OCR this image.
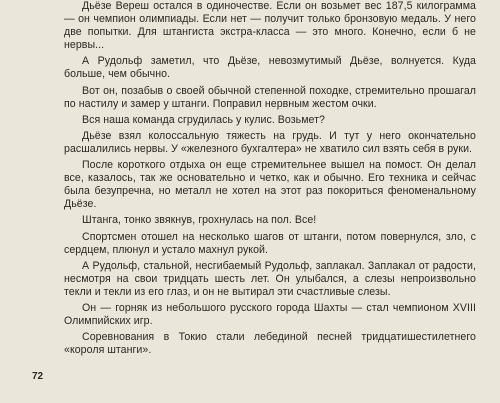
Дьёзе Вереш остался в одиночестве. Если он возьмет вес 187,5 килограмма — он чемпион олимпиады. Если нет — получит только бронзовую медаль. У него две попытки. Для штангиста экстра-класса — это много. Конечно, если б не нервы...

А Рудольф заметил, что Дьёзе, невозмутимый Дьёзе, волнуется. Куда больше, чем обычно.

Вот он, позабыв о своей обычной степенной походке, стремительно прошагал по настилу и замер у штанги. Поправил нервным жестом очки.

Вся наша команда сгрудилась у кулис. Возьмет?

Дьёзе взял колоссальную тяжесть на грудь. И тут у него окончательно расшалились нервы. У «железного бухгалтера» не хватило сил взять себя в руки.

После короткого отдыха он еще стремительнее вышел на помост. Он делал все, казалось, так же основательно и четко, как и обычно. Его техника и сейчас была безупречна, но металл не хотел на этот раз покориться феноменальному Дьёзе.

Штанга, тонко звякнув, грохнулась на пол. Все!

Спортсмен отошел на несколько шагов от штанги, потом повернулся, зло, с сердцем, плюнул и устало махнул рукой.

А Рудольф, стальной, несгибаемый Рудольф, заплакал. Заплакал от радости, несмотря на свои тридцать шесть лет. Он улыбался, а слезы непроизвольно текли и текли из его глаз, и он не вытирал эти счастливые слезы.

Он — горняк из небольшого русского города Шахты — стал чемпионом XVIII Олимпийских игр.

Соревнования в Токио стали лебединой песней тридцатишестилетнего «короля штанги».

72
